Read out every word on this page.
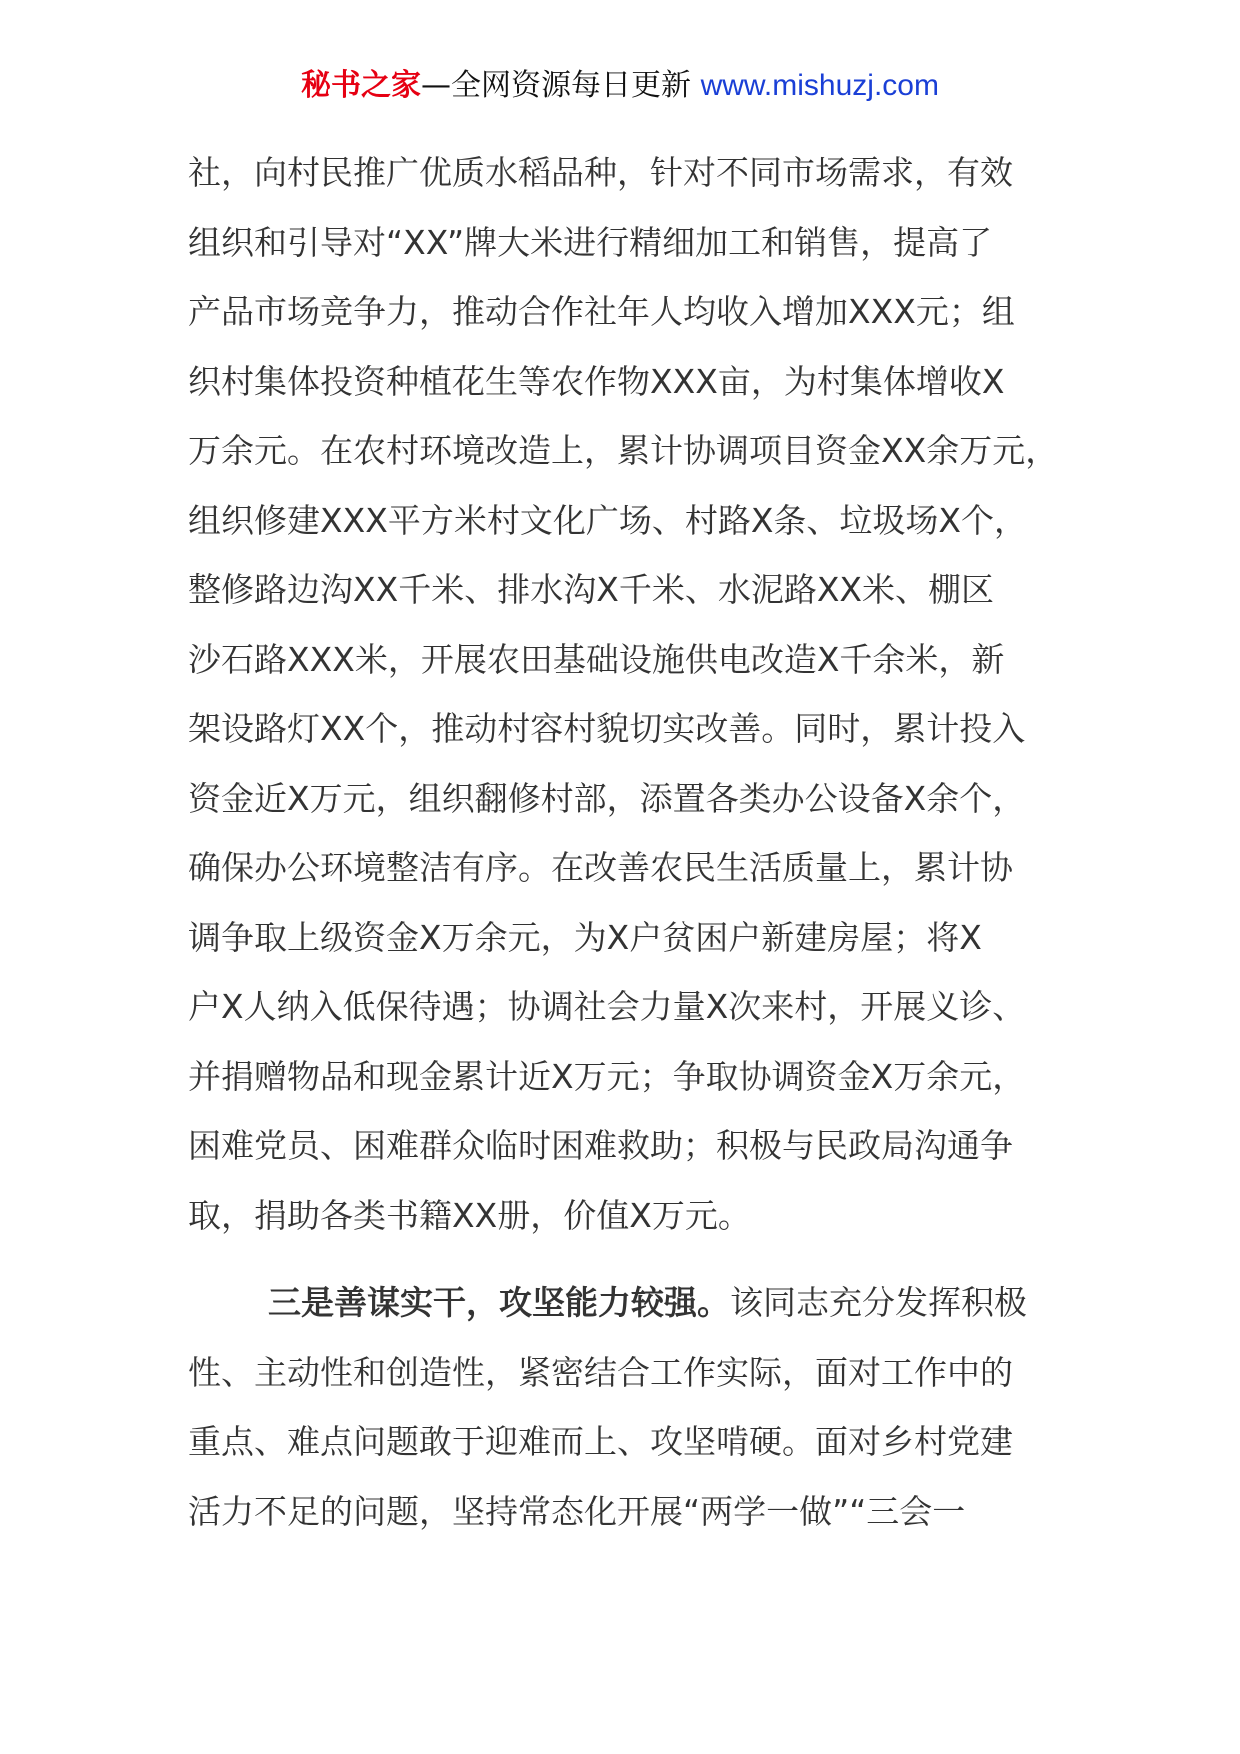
秘书之家—全网资源每日更新 www.mishuzj.com
社，向村民推广优质水稻品种，针对不同市场需求，有效
组织和引导对“XX”牌大米进行精细加工和销售，提高了
产品市场竞争力，推动合作社年人均收入增加XXX元；组
织村集体投资种植花生等农作物XXX亩，为村集体增收X
万余元。在农村环境改造上，累计协调项目资金XX余万元，
组织修建XXX平方米村文化广场、村路X条、垃圾场X个，
整修路边沟XX千米、排水沟X千米、水泥路XX米、棚区
沙石路XXX米，开展农田基础设施供电改造X千余米，新
架设路灯XX个，推动村容村貌切实改善。同时，累计投入
资金近X万元，组织翻修村部，添置各类办公设备X余个，
确保办公环境整洁有序。在改善农民生活质量上，累计协
调争取上级资金X万余元，为X户贫困户新建房屋；将X
户X人纳入低保待遇；协调社会力量X次来村，开展义诊、
并捐赠物品和现金累计近X万元；争取协调资金X万余元，
困难党员、困难群众临时困难救助；积极与民政局沟通争
取，捐助各类书籍XX册，价值X万元。
三是善谋实干，攻坚能力较强。该同志充分发挥积极
性、主动性和创造性，紧密结合工作实际，面对工作中的
重点、难点问题敢于迎难而上、攻坚啃硬。面对乡村党建
活力不足的问题，坚持常态化开展“两学一做”“三会一
